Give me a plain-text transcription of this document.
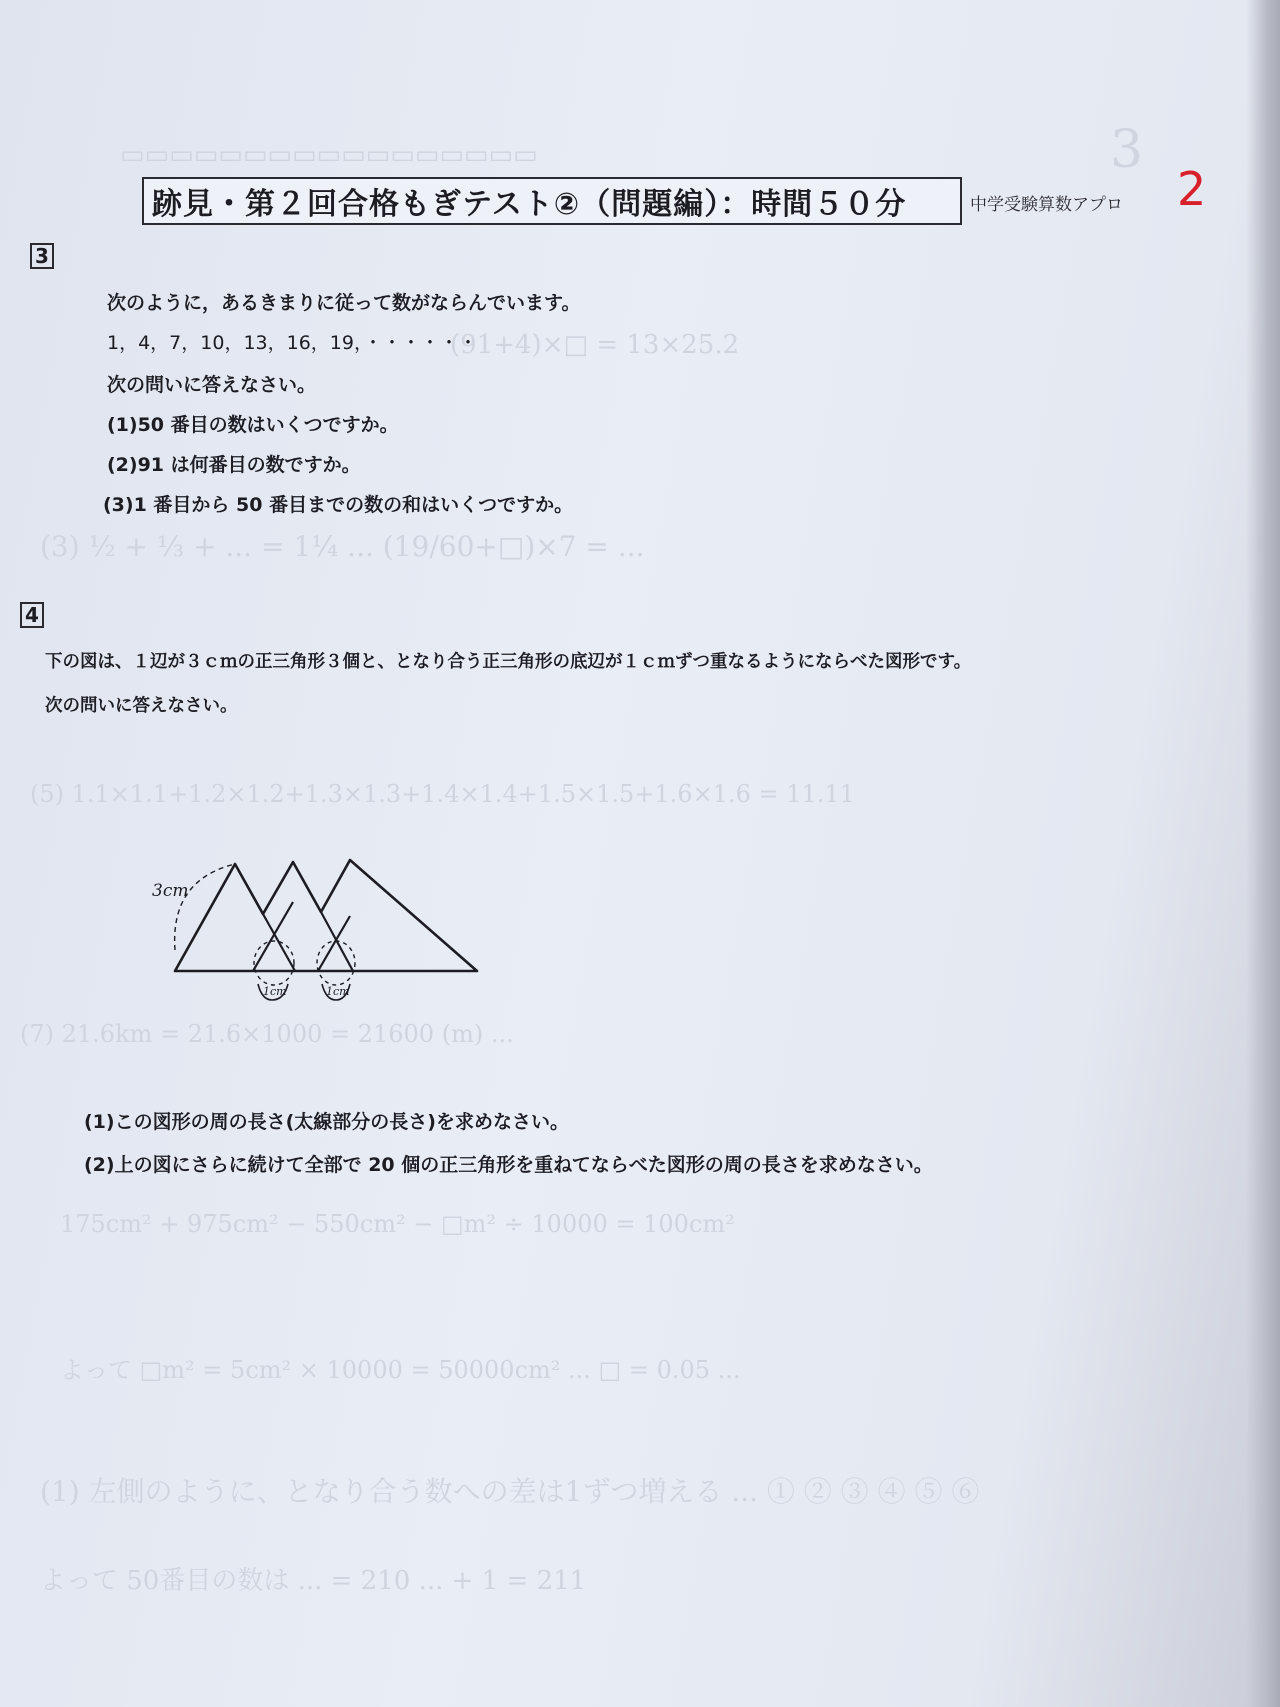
▭▭▭▭▭▭▭▭▭▭▭▭▭▭▭▭▭	3
(91+4)×□ = 13×25.2
(3) ½ + ⅓ + ... = 1¼ ... (19/60+□)×7 = ...
(5) 1.1×1.1+1.2×1.2+1.3×1.3+1.4×1.4+1.5×1.5+1.6×1.6 = 11.11
(7) 21.6km = 21.6×1000 = 21600 (m) ...
175cm² + 975cm² − 550cm² − □m² ÷ 10000 = 100cm²
よって □m² = 5cm² × 10000 = 50000cm² ... □ = 0.05 ...
(1) 左側のように、となり合う数への差は1ずつ増える ... ① ② ③ ④ ⑤ ⑥
よって 50番目の数は ... = 210 ... + 1 = 211
跡見・第２回合格もぎテスト②（問題編）：時間５０分	中学受験算数アプロ 2
3
次のように，あるきまりに従って数がならんでいます。
1，4，7，10，13，16，19，・・・・・・
次の問いに答えなさい。
(1)50 番目の数はいくつですか。
(2)91 は何番目の数ですか。
(3)1 番目から 50 番目までの数の和はいくつですか。
4
下の図は、１辺が３ｃｍの正三角形３個と、となり合う正三角形の底辺が１ｃｍずつ重なるようにならべた図形です。
次の問いに答えなさい。
3cm
1cm	1cm
(1)この図形の周の長さ(太線部分の長さ)を求めなさい。
(2)上の図にさらに続けて全部で 20 個の正三角形を重ねてならべた図形の周の長さを求めなさい。
